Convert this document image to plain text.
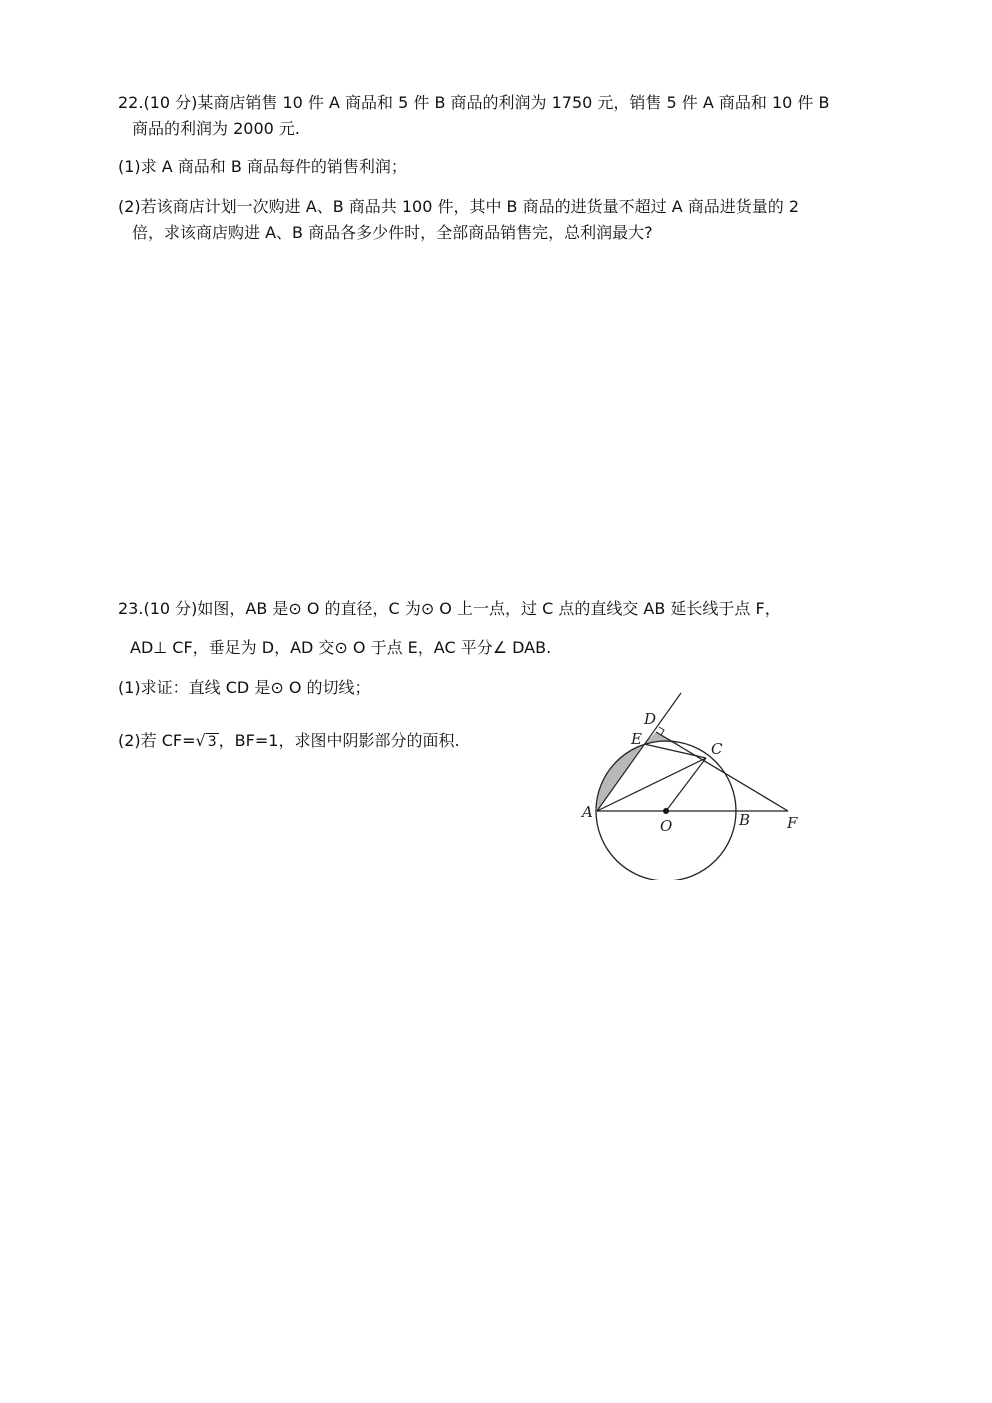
22.(10 分)某商店销售 10 件 A 商品和 5 件 B 商品的利润为 1750 元，销售 5 件 A 商品和 10 件 B
商品的利润为 2000 元.
(1)求 A 商品和 B 商品每件的销售利润；
(2)若该商店计划一次购进 A、B 商品共 100 件，其中 B 商品的进货量不超过 A 商品进货量的 2
倍，求该商店购进 A、B 商品各多少件时，全部商品销售完，总利润最大?
23.(10 分)如图，AB 是⊙ O 的直径，C 为⊙ O 上一点，过 C 点的直线交 AB 延长线于点 F，
AD⊥ CF，垂足为 D，AD 交⊙ O 于点 E，AC 平分∠ DAB.
(1)求证：直线 CD 是⊙ O 的切线；
(2)若 CF=√ 3 ，BF=1，求图中阴影部分的面积.
A
O	B F
C
E
D
